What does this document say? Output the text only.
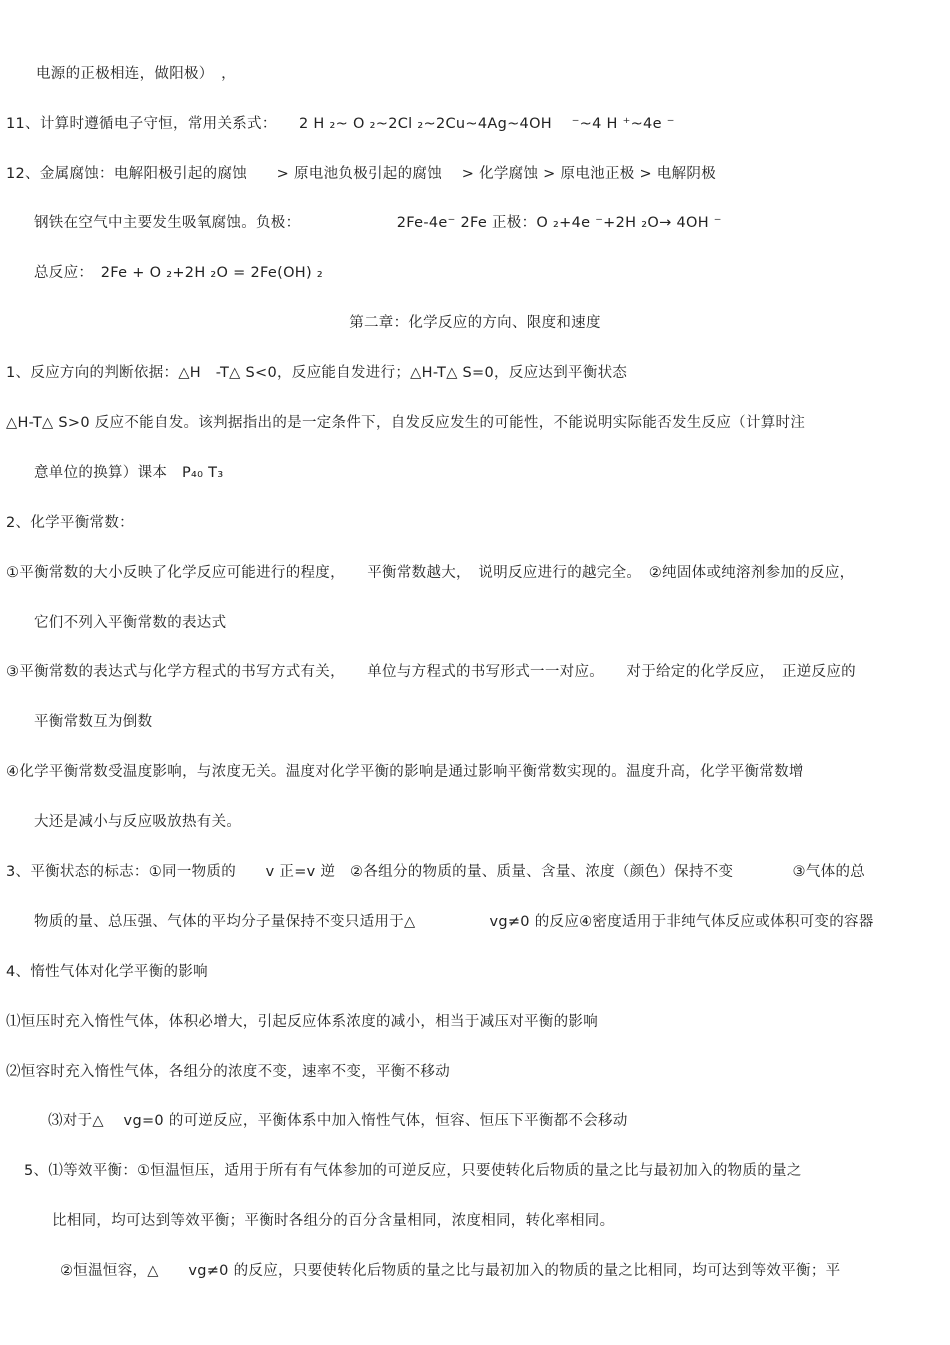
电源的正极相连，做阳极）　，
11、计算时遵循电子守恒，常用关系式：　　2 H ₂~ O ₂~2Cl ₂~2Cu~4Ag~4OH　 ⁻~4 H ⁺~4e ⁻
12、金属腐蚀：电解阳极引起的腐蚀　　> 原电池负极引起的腐蚀　 > 化学腐蚀 > 原电池正极 > 电解阴极
钢铁在空气中主要发生吸氧腐蚀。负极：　　　　　　　2Fe-4e⁻ 2Fe 正极：O ₂+4e ⁻+2H ₂O→ 4OH ⁻
总反应：　2Fe + O ₂+2H ₂O = 2Fe(OH) ₂
第二章：化学反应的方向、限度和速度
1、反应方向的判断依据：△H　-T△ S<0，反应能自发进行；△H-T△ S=0，反应达到平衡状态
△H-T△ S>0 反应不能自发。该判据指出的是一定条件下，自发反应发生的可能性，不能说明实际能否发生反应（计算时注
意单位的换算）课本　P₄₀ T₃
2、化学平衡常数：
①平衡常数的大小反映了化学反应可能进行的程度，　　平衡常数越大，　说明反应进行的越完全。　②纯固体或纯溶剂参加的反应，
它们不列入平衡常数的表达式
③平衡常数的表达式与化学方程式的书写方式有关，　　单位与方程式的书写形式一一对应。　　对于给定的化学反应，　正逆反应的
平衡常数互为倒数
④化学平衡常数受温度影响，与浓度无关。温度对化学平衡的影响是通过影响平衡常数实现的。温度升高，化学平衡常数增
大还是减小与反应吸放热有关。
3、平衡状态的标志：①同一物质的　　v 正=v 逆　②各组分的物质的量、质量、含量、浓度（颜色）保持不变　　　　③气体的总
物质的量、总压强、气体的平均分子量保持不变只适用于△　　　　　vg≠0 的反应④密度适用于非纯气体反应或体积可变的容器
4、惰性气体对化学平衡的影响
⑴恒压时充入惰性气体，体积必增大，引起反应体系浓度的减小，相当于减压对平衡的影响
⑵恒容时充入惰性气体，各组分的浓度不变，速率不变，平衡不移动
⑶对于△　 vg=0 的可逆反应，平衡体系中加入惰性气体，恒容、恒压下平衡都不会移动
5、⑴等效平衡：①恒温恒压，适用于所有有气体参加的可逆反应，只要使转化后物质的量之比与最初加入的物质的量之
比相同，均可达到等效平衡；平衡时各组分的百分含量相同，浓度相同，转化率相同。
②恒温恒容，△　　vg≠0 的反应，只要使转化后物质的量之比与最初加入的物质的量之比相同，均可达到等效平衡；平
